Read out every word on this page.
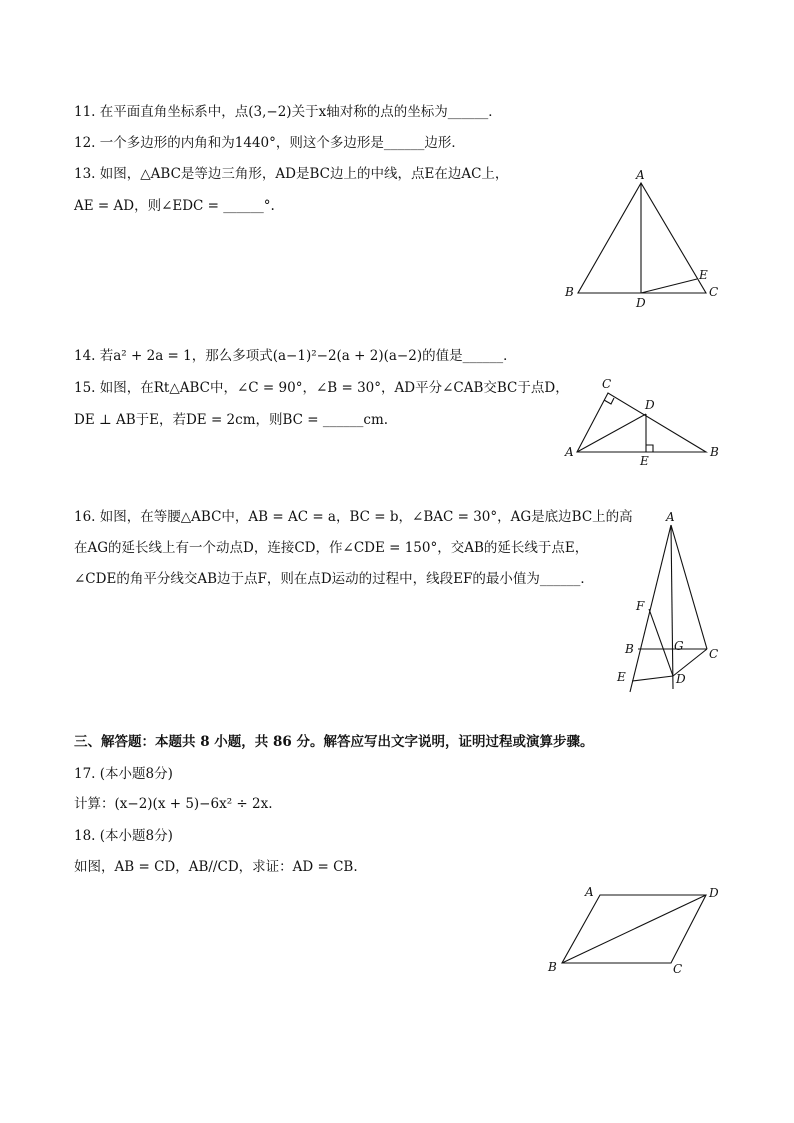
11. 在平面直角坐标系中，点(3,−2)关于x轴对称的点的坐标为______．
12. 一个多边形的内角和为1440°，则这个多边形是______边形．
13. 如图，△ABC是等边三角形，AD是BC边上的中线，点E在边AC上，
AE = AD，则∠EDC = ______°.
A
B	C
D
E
14. 若a² + 2a = 1，那么多项式(a−1)²−2(a + 2)(a−2)的值是______．
15. 如图，在Rt△ABC中，∠C = 90°，∠B = 30°，AD平分∠CAB交BC于点D，
DE ⊥ AB于E，若DE = 2cm，则BC = ______cm.
C
D
A
E
B
16. 如图，在等腰△ABC中，AB = AC = a，BC = b，∠BAC = 30°，AG是底边BC上的高
在AG的延长线上有一个动点D，连接CD，作∠CDE = 150°，交AB的延长线于点E，
∠CDE的角平分线交AB边于点F，则在点D运动的过程中，线段EF的最小值为______．
A
F
B	G
C
E	D
三、解答题：本题共 8 小题，共 86 分。解答应写出文字说明，证明过程或演算步骤。
17. (本小题8分)
计算：(x−2)(x + 5)−6x² ÷ 2x.
18. (本小题8分)
如图，AB = CD，AB//CD，求证：AD = CB.
A	D
B	C
